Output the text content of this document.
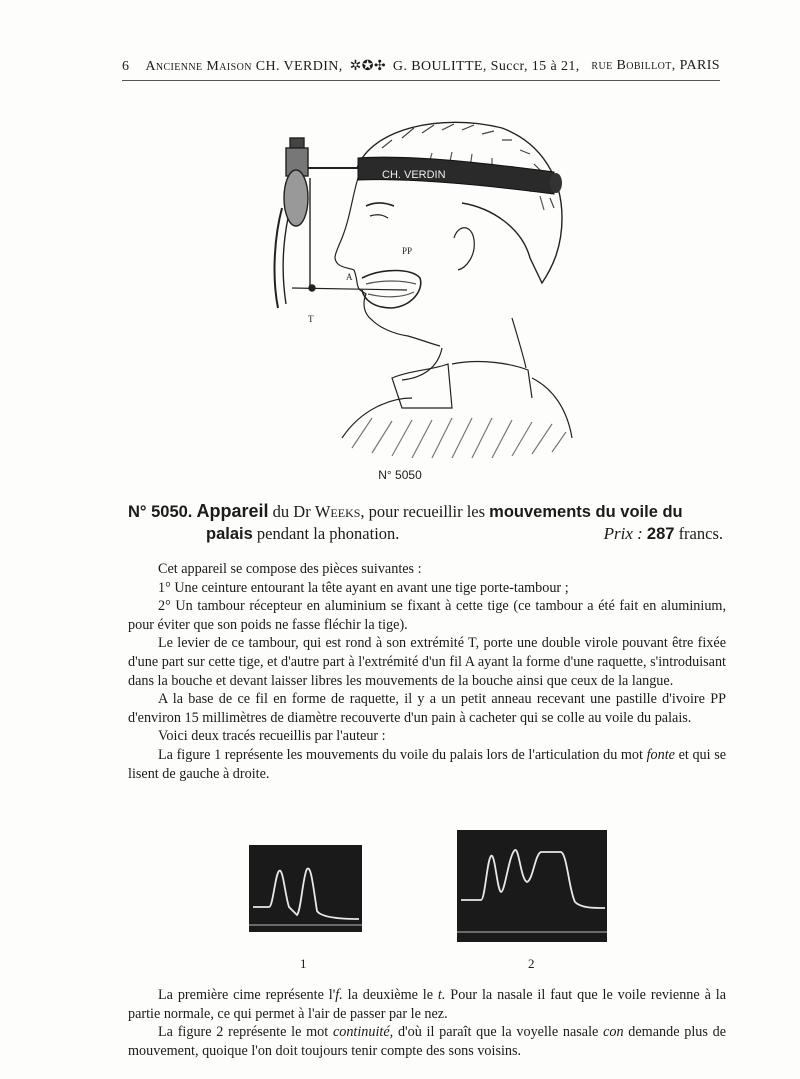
6 Ancienne Maison CH. VERDIN, ✲✪✣ G. BOULITTE, Succr, 15 à 21, rue Bobillot, PARIS
CH. VERDIN
PP
A
T
N° 5050
N° 5050. Appareil du Dr Weeks, pour recueillir les mouvements du voile du
palais pendant la phonation.	Prix : 287 francs.

Cet appareil se compose des pièces suivantes :

1° Une ceinture entourant la tête ayant en avant une tige porte-tambour ;

2° Un tambour récepteur en aluminium se fixant à cette tige (ce tambour a été fait en aluminium, pour éviter que son poids ne fasse fléchir la tige).

Le levier de ce tambour, qui est rond à son extrémité T, porte une double virole pouvant être fixée d'une part sur cette tige, et d'autre part à l'extrémité d'un fil A ayant la forme d'une raquette, s'introduisant dans la bouche et devant laisser libres les mouvements de la bouche ainsi que ceux de la langue.

A la base de ce fil en forme de raquette, il y a un petit anneau recevant une pastille d'ivoire PP d'environ 15 millimètres de diamètre recouverte d'un pain à cacheter qui se colle au voile du palais.

Voici deux tracés recueillis par l'auteur :

La figure 1 représente les mouvements du voile du palais lors de l'articulation du mot fonte et qui se lisent de gauche à droite.

1	2

La première cime représente l'f. la deuxième le t. Pour la nasale il faut que le voile revienne à la partie normale, ce qui permet à l'air de passer par le nez.

La figure 2 représente le mot continuité, d'où il paraît que la voyelle nasale con demande plus de mouvement, quoique l'on doit toujours tenir compte des sons voisins.
